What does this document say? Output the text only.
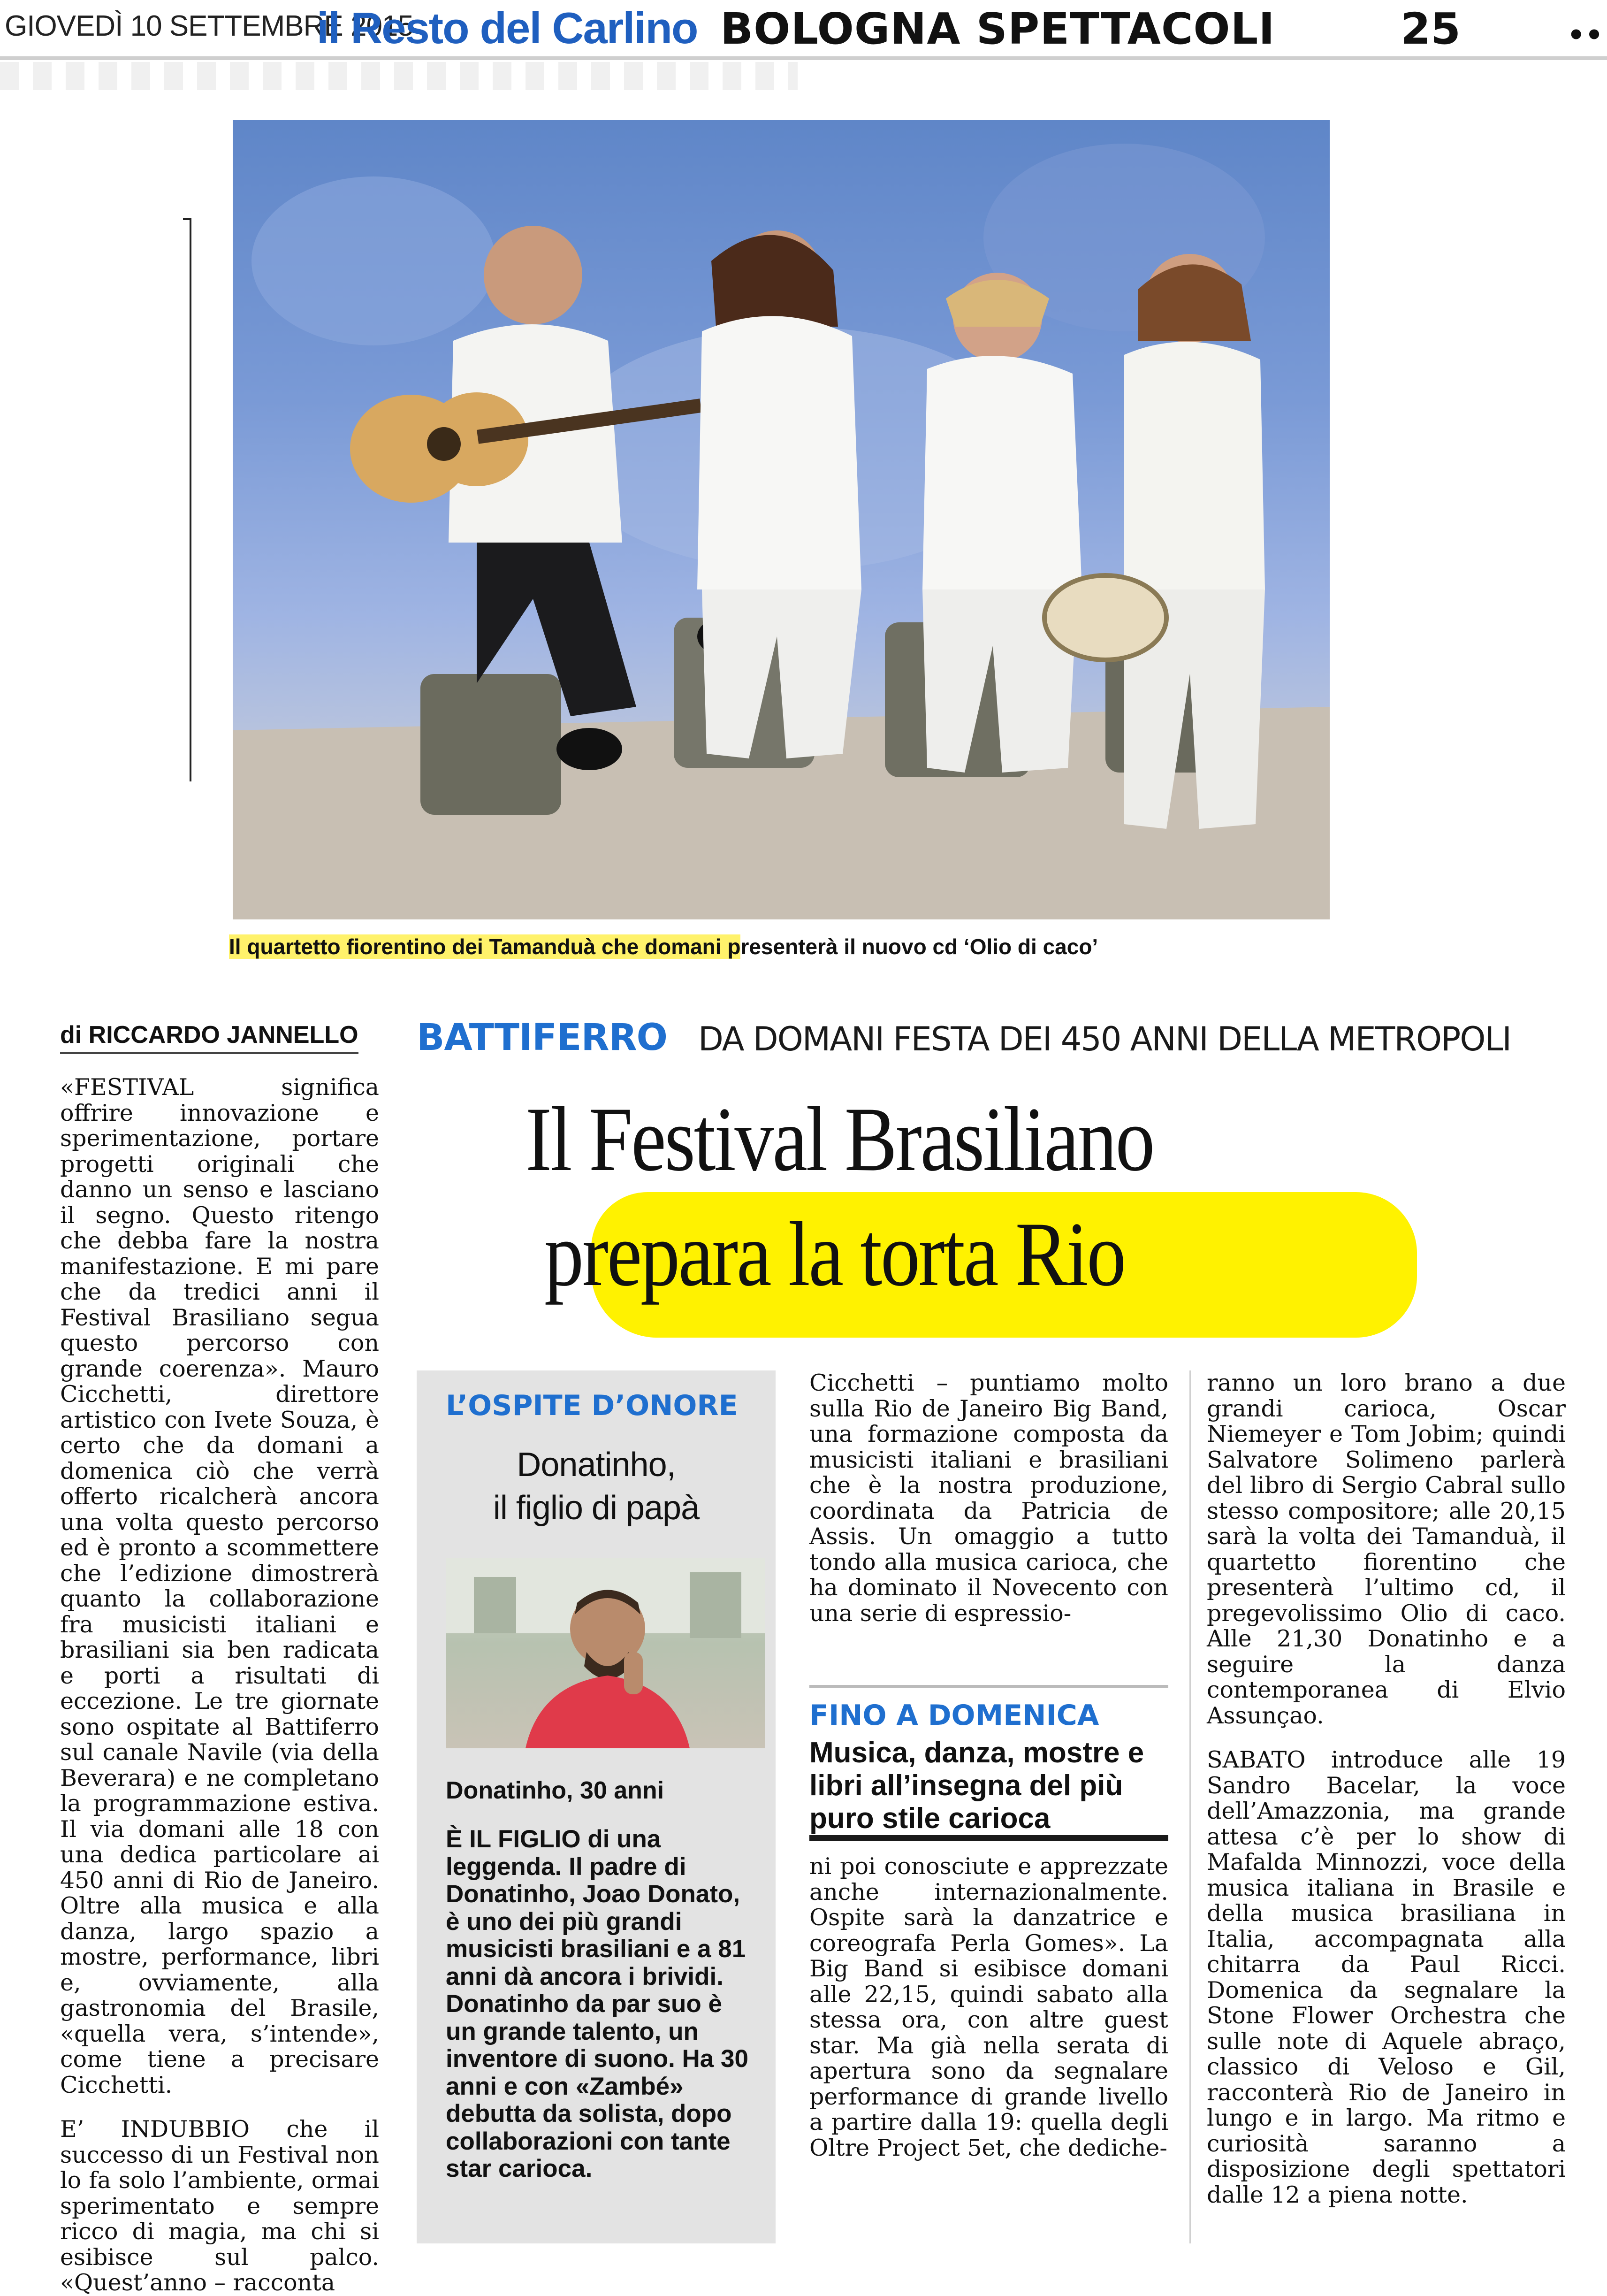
GIOVEDÌ 10 SETTEMBRE 2015
il Resto del Carlino BOLOGNA SPETTACOLI	25	••
Il quartetto fiorentino dei Tamanduà che domani presenterà il nuovo cd ‘Olio di caco’
di RICCARDO JANNELLO BATTIFERRO DA DOMANI FESTA DEI 450 ANNI DELLA METROPOLI
Il Festival Brasiliano
prepara la torta Rio

«FESTIVAL significa offrire innovazione e sperimentazione, portare progetti originali che danno un senso e lasciano il segno. Questo ritengo che debba fare la nostra manifestazione. E mi pare che da tredici anni il Festival Brasiliano segua questo percorso con grande coerenza». Mauro Cicchetti, direttore artistico con Ivete Souza, è certo che da domani a domenica ciò che verrà offerto ricalcherà ancora una volta questo percorso ed è pronto a scommettere che l’edizione dimostrerà quanto la collaborazione fra musicisti italiani e brasiliani sia ben radicata e porti a risultati di eccezione. Le tre giornate sono ospitate al Battiferro sul canale Navile (via della Beverara) e ne completano la programmazione estiva. Il via domani alle 18 con una dedica particolare ai 450 anni di Rio de Janeiro. Oltre alla musica e alla danza, largo spazio a mostre, performance, libri e, ovviamente, alla gastronomia del Brasile, «quella vera, s’intende», come tiene a precisare Cicchetti.

E’ INDUBBIO che il successo di un Festival non lo fa solo l’ambiente, ormai sperimentato e sempre ricco di magia, ma chi si esibisce sul palco. «Quest’anno – racconta

L’OSPITE D’ONORE
Donatinho,
il figlio di papà
Donatinho, 30 anni
È IL FIGLIO di una leggenda. Il padre di Donatinho, Joao Donato, è uno dei più grandi musicisti brasiliani e a 81 anni dà ancora i brividi. Donatinho da par suo è un grande talento, un inventore di suono. Ha 30 anni e con «Zambé» debutta da solista, dopo collaborazioni con tante star carioca.

Cicchetti – puntiamo molto sulla Rio de Janeiro Big Band, una formazione composta da musicisti italiani e brasiliani che è la nostra produzione, coordinata da Patricia de Assis. Un omaggio a tutto tondo alla musica carioca, che ha dominato il Novecento con una serie di espressio-

FINO A DOMENICA
Musica, danza, mostre e libri all’insegna del più puro stile carioca

ni poi conosciute e apprezzate anche internazionalmente. Ospite sarà la danzatrice e coreografa Perla Gomes». La Big Band si esibisce domani alle 22,15, quindi sabato alla stessa ora, con altre guest star. Ma già nella serata di apertura sono da segnalare performance di grande livello a partire dalla 19: quella degli Oltre Project 5et, che dediche-

ranno un loro brano a due grandi carioca, Oscar Niemeyer e Tom Jobim; quindi Salvatore Solimeno parlerà del libro di Sergio Cabral sullo stesso compositore; alle 20,15 sarà la volta dei Tamanduà, il quartetto fiorentino che presenterà l’ultimo cd, il pregevolissimo Olio di caco. Alle 21,30 Donatinho e a seguire la danza contemporanea di Elvio Assunçao.

SABATO introduce alle 19 Sandro Bacelar, la voce dell’Amazzonia, ma grande attesa c’è per lo show di Mafalda Minnozzi, voce della musica italiana in Brasile e della musica brasiliana in Italia, accompagnata alla chitarra da Paul Ricci. Domenica da segnalare la Stone Flower Orchestra che sulle note di Aquele abraço, classico di Veloso e Gil, racconterà Rio de Janeiro in lungo e in largo. Ma ritmo e curiosità saranno a disposizione degli spettatori dalle 12 a piena notte.
